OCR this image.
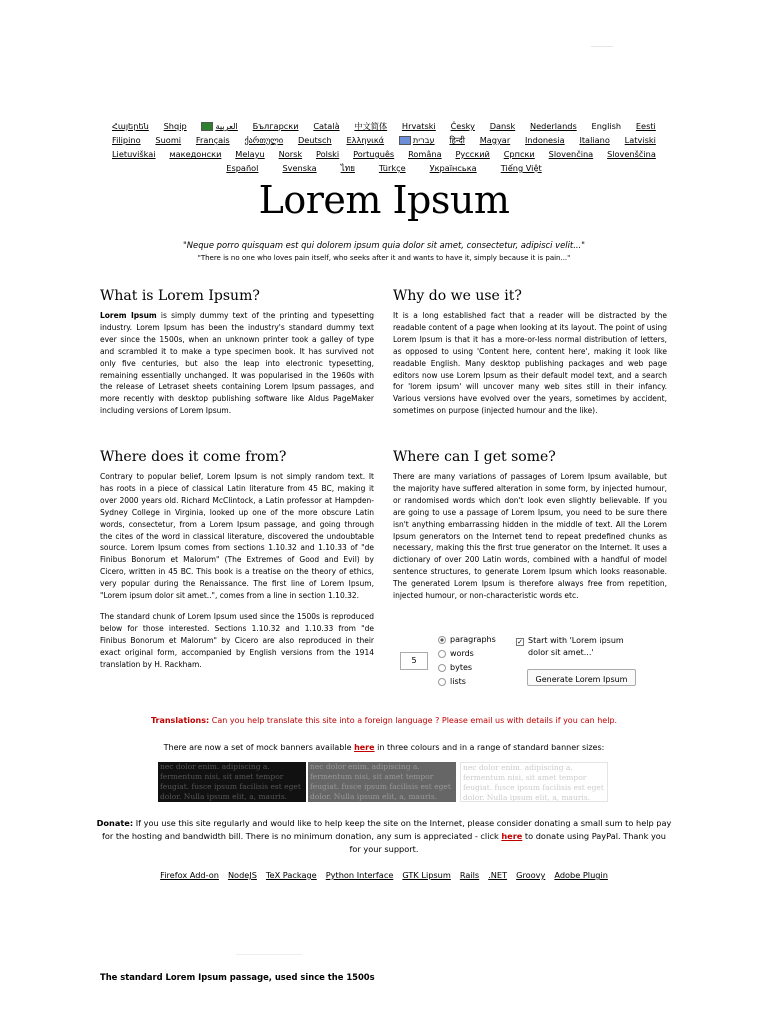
Հայերեն Shqip	العربية Български Català 中文简体 Hrvatski Česky Dansk Nederlands English Eesti
Filipino Suomi Français ქართული Deutsch Ελληνικά	עברית हिन्दी Magyar Indonesia Italiano Latviski
Lietuviškai македонски Melayu Norsk Polski Português Româna Pyccкий Српски Slovenčina Slovenščina
Español	Svenska	ไทย	Türkçe	Українська	Tiếng Việt
Lorem Ipsum
"Neque porro quisquam est qui dolorem ipsum quia dolor sit amet, consectetur, adipisci velit..."
"There is no one who loves pain itself, who seeks after it and wants to have it, simply because it is pain..."
What is Lorem Ipsum?

Lorem Ipsum is simply dummy text of the printing and typesetting industry. Lorem Ipsum has been the industry's standard dummy text ever since the 1500s, when an unknown printer took a galley of type and scrambled it to make a type specimen book. It has survived not only five centuries, but also the leap into electronic typesetting, remaining essentially unchanged. It was popularised in the 1960s with the release of Letraset sheets containing Lorem Ipsum passages, and more recently with desktop publishing software like Aldus PageMaker including versions of Lorem Ipsum.

Why do we use it?

It is a long established fact that a reader will be distracted by the readable content of a page when looking at its layout. The point of using Lorem Ipsum is that it has a more-or-less normal distribution of letters, as opposed to using 'Content here, content here', making it look like readable English. Many desktop publishing packages and web page editors now use Lorem Ipsum as their default model text, and a search for 'lorem ipsum' will uncover many web sites still in their infancy. Various versions have evolved over the years, sometimes by accident, sometimes on purpose (injected humour and the like).

Where does it come from?

Contrary to popular belief, Lorem Ipsum is not simply random text. It has roots in a piece of classical Latin literature from 45 BC, making it over 2000 years old. Richard McClintock, a Latin professor at Hampden-Sydney College in Virginia, looked up one of the more obscure Latin words, consectetur, from a Lorem Ipsum passage, and going through the cites of the word in classical literature, discovered the undoubtable source. Lorem Ipsum comes from sections 1.10.32 and 1.10.33 of "de Finibus Bonorum et Malorum" (The Extremes of Good and Evil) by Cicero, written in 45 BC. This book is a treatise on the theory of ethics, very popular during the Renaissance. The first line of Lorem Ipsum, "Lorem ipsum dolor sit amet..", comes from a line in section 1.10.32.

The standard chunk of Lorem Ipsum used since the 1500s is reproduced below for those interested. Sections 1.10.32 and 1.10.33 from "de Finibus Bonorum et Malorum" by Cicero are also reproduced in their exact original form, accompanied by English versions from the 1914 translation by H. Rackham.

Where can I get some?

There are many variations of passages of Lorem Ipsum available, but the majority have suffered alteration in some form, by injected humour, or randomised words which don't look even slightly believable. If you are going to use a passage of Lorem Ipsum, you need to be sure there isn't anything embarrassing hidden in the middle of text. All the Lorem Ipsum generators on the Internet tend to repeat predefined chunks as necessary, making this the first true generator on the Internet. It uses a dictionary of over 200 Latin words, combined with a handful of model sentence structures, to generate Lorem Ipsum which looks reasonable. The generated Lorem Ipsum is therefore always free from repetition, injected humour, or non-characteristic words etc.

5
paragraphs
words
bytes
lists
✓ Start with 'Lorem ipsum dolor sit amet...'
Generate Lorem Ipsum
Translations: Can you help translate this site into a foreign language ? Please email us with details if you can help.
There are now a set of mock banners available here in three colours and in a range of standard banner sizes:
nec dolor enim. adipiscing a. fermentum nisi, sit amet tempor feugiat. fusce ipsum facilisis est eget dolor. Nulla ipsum elit, a, mauris.
nec dolor enim. adipiscing a. fermentum nisi, sit amet tempor feugiat. fusce ipsum facilisis est eget dolor. Nulla ipsum elit, a, mauris.
nec dolor enim. adipiscing a. fermentum nisi, sit amet tempor feugiat. fusce ipsum facilisis est eget dolor. Nulla ipsum elit, a, mauris.
Donate: If you use this site regularly and would like to help keep the site on the Internet, please consider donating a small sum to help pay for the hosting and bandwidth bill. There is no minimum donation, any sum is appreciated - click here to donate using PayPal. Thank you for your support.
Firefox Add-on NodeJS TeX Package Python Interface GTK Lipsum Rails .NET Groovy Adobe Plugin
The standard Lorem Ipsum passage, used since the 1500s
